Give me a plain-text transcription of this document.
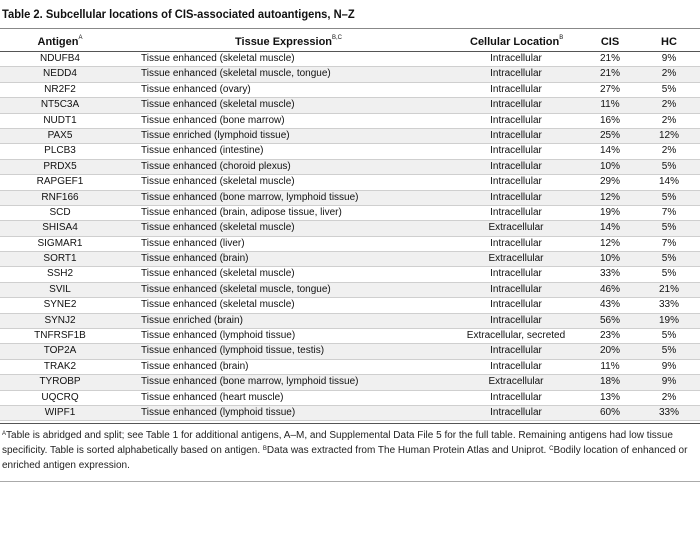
Table 2. Subcellular locations of CIS-associated autoantigens, N–Z
Antigen$^A$	Tissue Expression$^{B,C}$	Cellular Location$^B$	CIS	HC
NDUFB4	Tissue enhanced (skeletal muscle)	Intracellular	21%	9%
NEDD4	Tissue enhanced (skeletal muscle, tongue)	Intracellular	21%	2%
NR2F2	Tissue enhanced (ovary)	Intracellular	27%	5%
NT5C3A	Tissue enhanced (skeletal muscle)	Intracellular	11%	2%
NUDT1	Tissue enhanced (bone marrow)	Intracellular	16%	2%
PAX5	Tissue enriched (lymphoid tissue)	Intracellular	25%	12%
PLCB3	Tissue enhanced (intestine)	Intracellular	14%	2%
PRDX5	Tissue enhanced (choroid plexus)	Intracellular	10%	5%
RAPGEF1	Tissue enhanced (skeletal muscle)	Intracellular	29%	14%
RNF166	Tissue enhanced (bone marrow, lymphoid tissue)	Intracellular	12%	5%
SCD	Tissue enhanced (brain, adipose tissue, liver)	Intracellular	19%	7%
SHISA4	Tissue enhanced (skeletal muscle)	Extracellular	14%	5%
SIGMAR1	Tissue enhanced (liver)	Intracellular	12%	7%
SORT1	Tissue enhanced (brain)	Extracellular	10%	5%
SSH2	Tissue enhanced (skeletal muscle)	Intracellular	33%	5%
SVIL	Tissue enhanced (skeletal muscle, tongue)	Intracellular	46%	21%
SYNE2	Tissue enhanced (skeletal muscle)	Intracellular	43%	33%
SYNJ2	Tissue enriched (brain)	Intracellular	56%	19%
TNFRSF1B	Tissue enhanced (lymphoid tissue)	Extracellular, secreted	23%	5%
TOP2A	Tissue enhanced (lymphoid tissue, testis)	Intracellular	20%	5%
TRAK2	Tissue enhanced (brain)	Intracellular	11%	9%
TYROBP	Tissue enhanced (bone marrow, lymphoid tissue)	Extracellular	18%	9%
UQCRQ	Tissue enhanced (heart muscle)	Intracellular	13%	2%
WIPF1	Tissue enhanced (lymphoid tissue)	Intracellular	60%	33%
$^A$Table is abridged and split; see Table 1 for additional antigens, A–M, and Supplemental Data File 5 for the full table. Remaining antigens had low tissue specificity. Table is sorted alphabetically based on antigen. $^B$Data was extracted from The Human Protein Atlas and Uniprot. $^C$Bodily location of enhanced or enriched antigen expression.
